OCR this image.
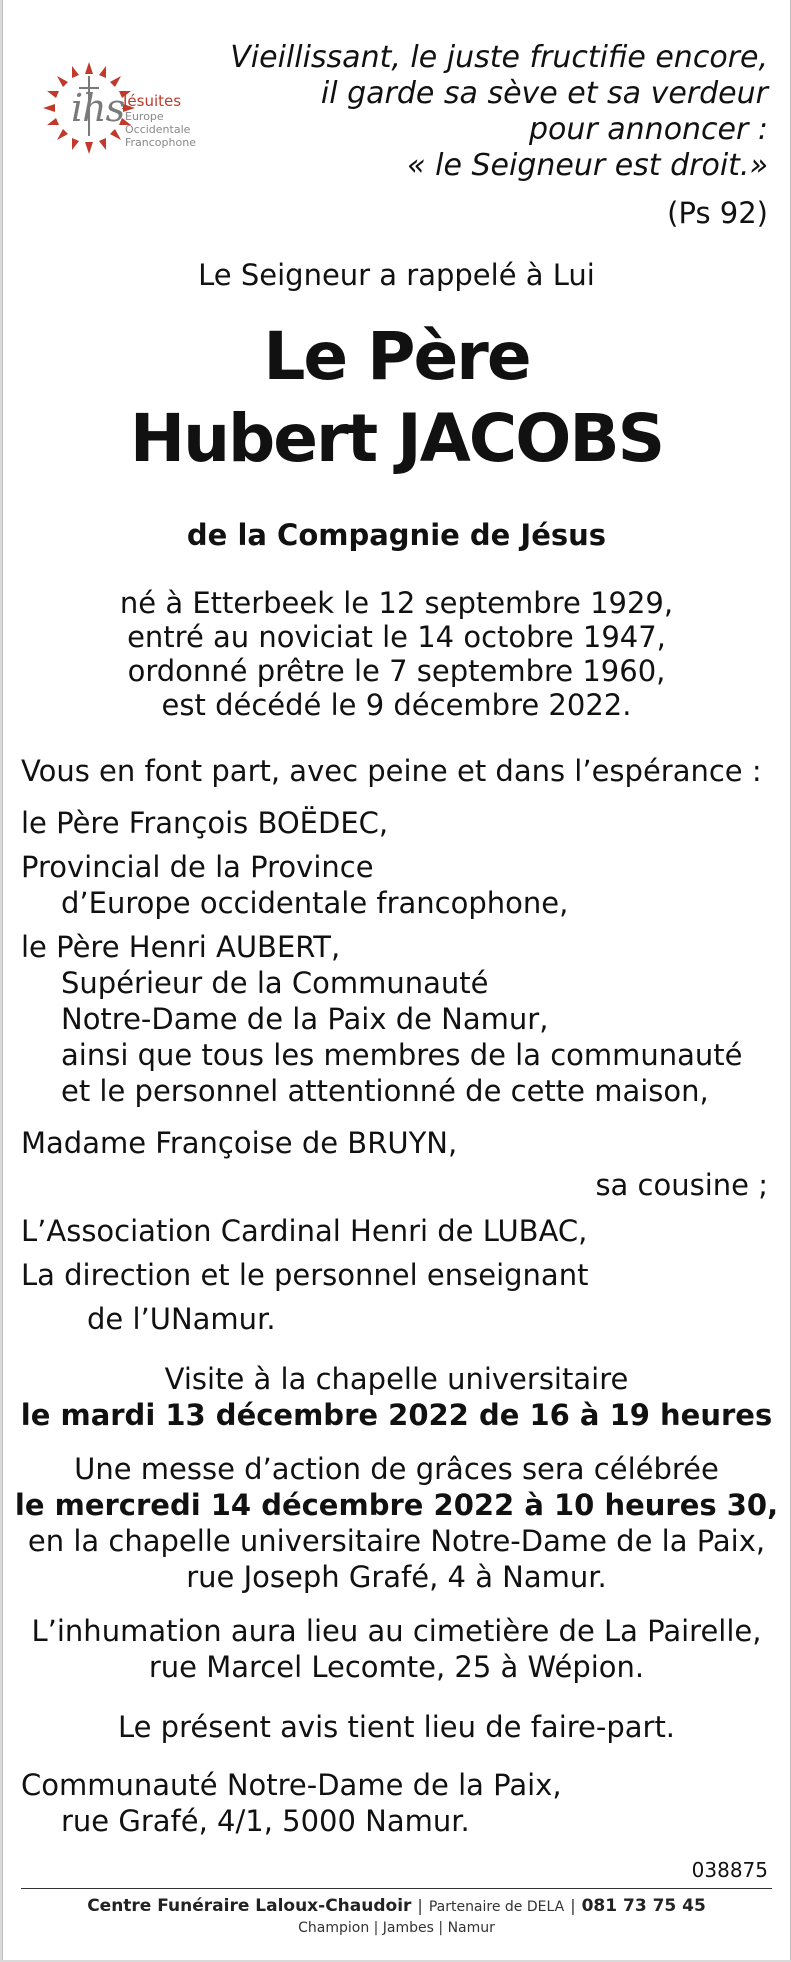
ihs
Jésuites
Europe
Occidentale
Francophone
Vieillissant, le juste fructifie encore,
il garde sa sève et sa verdeur
pour annoncer :
« le Seigneur est droit.»
(Ps 92)
Le Seigneur a rappelé à Lui
Le Père
Hubert JACOBS
de la Compagnie de Jésus
né à Etterbeek le 12 septembre 1929,
entré au noviciat le 14 octobre 1947,
ordonné prêtre le 7 septembre 1960,
est décédé le 9 décembre 2022.
Vous en font part, avec peine et dans l’espérance :
le Père François BOËDEC,
Provincial de la Province
d’Europe occidentale francophone,
le Père Henri AUBERT,
Supérieur de la Communauté
Notre-Dame de la Paix de Namur,
ainsi que tous les membres de la communauté
et le personnel attentionné de cette maison,
Madame Françoise de BRUYN,
sa cousine ;
L’Association Cardinal Henri de LUBAC,
La direction et le personnel enseignant
de l’UNamur.
Visite à la chapelle universitaire
le mardi 13 décembre 2022 de 16 à 19 heures
Une messe d’action de grâces sera célébrée
le mercredi 14 décembre 2022 à 10 heures 30,
en la chapelle universitaire Notre-Dame de la Paix,
rue Joseph Grafé, 4 à Namur.
L’inhumation aura lieu au cimetière de La Pairelle,
rue Marcel Lecomte, 25 à Wépion.
Le présent avis tient lieu de faire-part.
Communauté Notre-Dame de la Paix,
rue Grafé, 4/1, 5000 Namur.
038875
Centre Funéraire Laloux-Chaudoir | Partenaire de DELA | 081 73 75 45
Champion | Jambes | Namur
